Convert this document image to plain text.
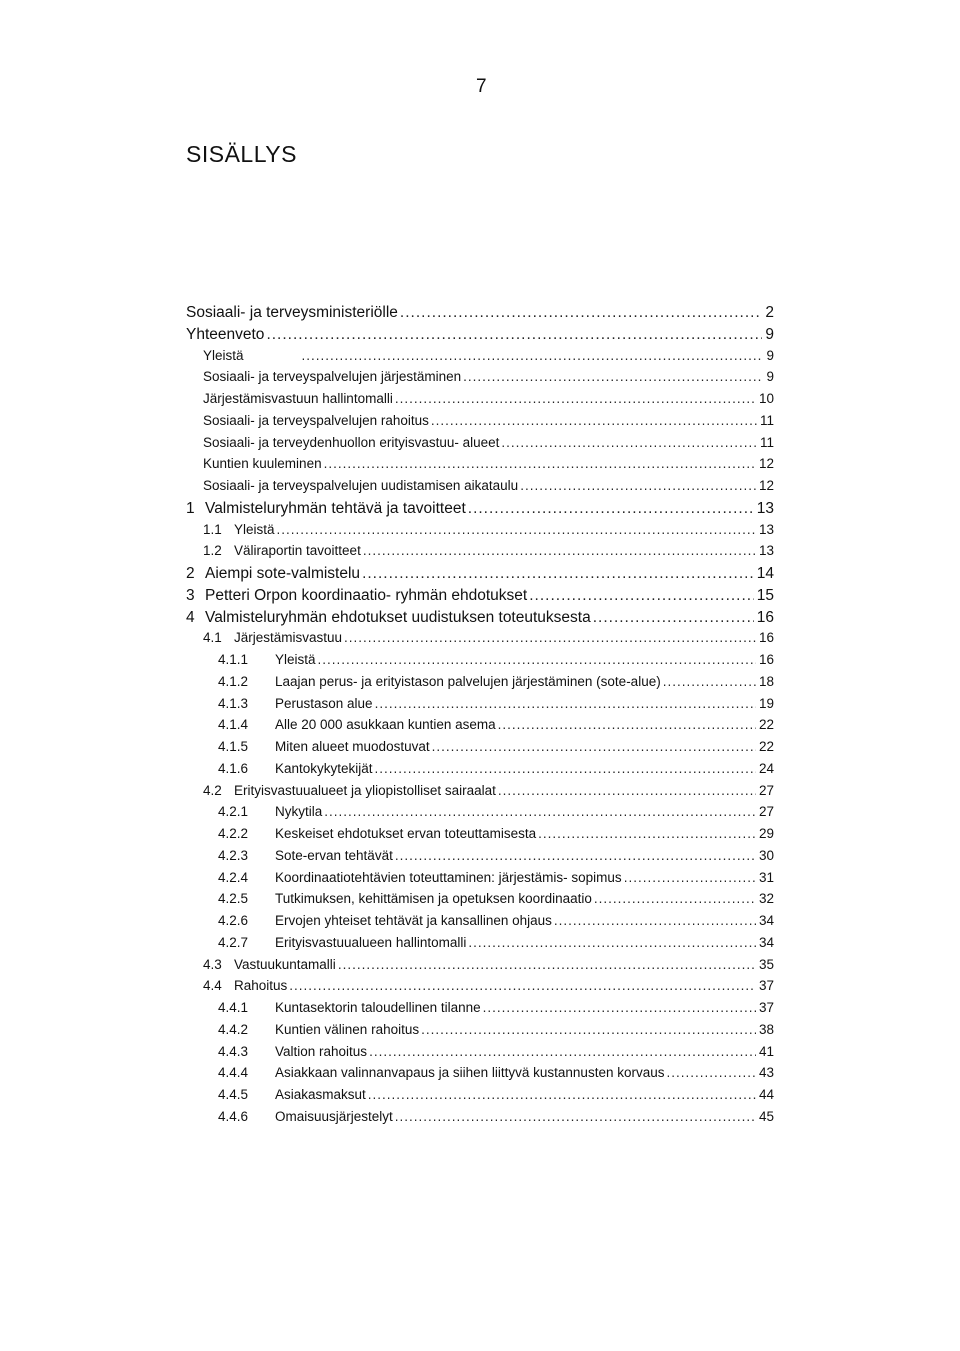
7
SISÄLLYS
Sosiaali- ja terveysministeriölle .....	2
Yhteenveto .....	9
Yleistä .....	9
Sosiaali- ja terveyspalvelujen järjestäminen .....	9
Järjestämisvastuun hallintomalli .....	10
Sosiaali- ja terveyspalvelujen rahoitus .....	11
Sosiaali- ja terveydenhuollon erityisvastuu- alueet .....	11
Kuntien kuuleminen .....	12
Sosiaali- ja terveyspalvelujen uudistamisen aikataulu .....	12
1 Valmisteluryhmän tehtävä ja tavoitteet .....	13
1.1 Yleistä .....	13
1.2 Väliraportin tavoitteet .....	13
2 Aiempi sote-valmistelu .....	14
3 Petteri Orpon koordinaatio- ryhmän ehdotukset .....	15
4 Valmisteluryhmän ehdotukset uudistuksen toteutuksesta .....	16
4.1 Järjestämisvastuu .....	16
4.1.1 Yleistä .....	16
4.1.2 Laajan perus- ja erityistason palvelujen järjestäminen (sote-alue) .....	18
4.1.3 Perustason alue .....	19
4.1.4 Alle 20 000 asukkaan kuntien asema .....	22
4.1.5 Miten alueet muodostuvat .....	22
4.1.6 Kantokykytekijät .....	24
4.2 Erityisvastuualueet ja yliopistolliset sairaalat .....	27
4.2.1 Nykytila .....	27
4.2.2 Keskeiset ehdotukset ervan toteuttamisesta .....	29
4.2.3 Sote-ervan tehtävät .....	30
4.2.4 Koordinaatiotehtävien toteuttaminen: järjestämis- sopimus .....	31
4.2.5 Tutkimuksen, kehittämisen ja opetuksen koordinaatio .....	32
4.2.6 Ervojen yhteiset tehtävät ja kansallinen ohjaus .....	34
4.2.7 Erityisvastuualueen hallintomalli .....	34
4.3 Vastuukuntamalli .....	35
4.4 Rahoitus .....	37
4.4.1 Kuntasektorin taloudellinen tilanne .....	37
4.4.2 Kuntien välinen rahoitus .....	38
4.4.3 Valtion rahoitus .....	41
4.4.4 Asiakkaan valinnanvapaus ja siihen liittyvä kustannusten korvaus .....	43
4.4.5 Asiakasmaksut .....	44
4.4.6 Omaisuusjärjestelyt .....	45
